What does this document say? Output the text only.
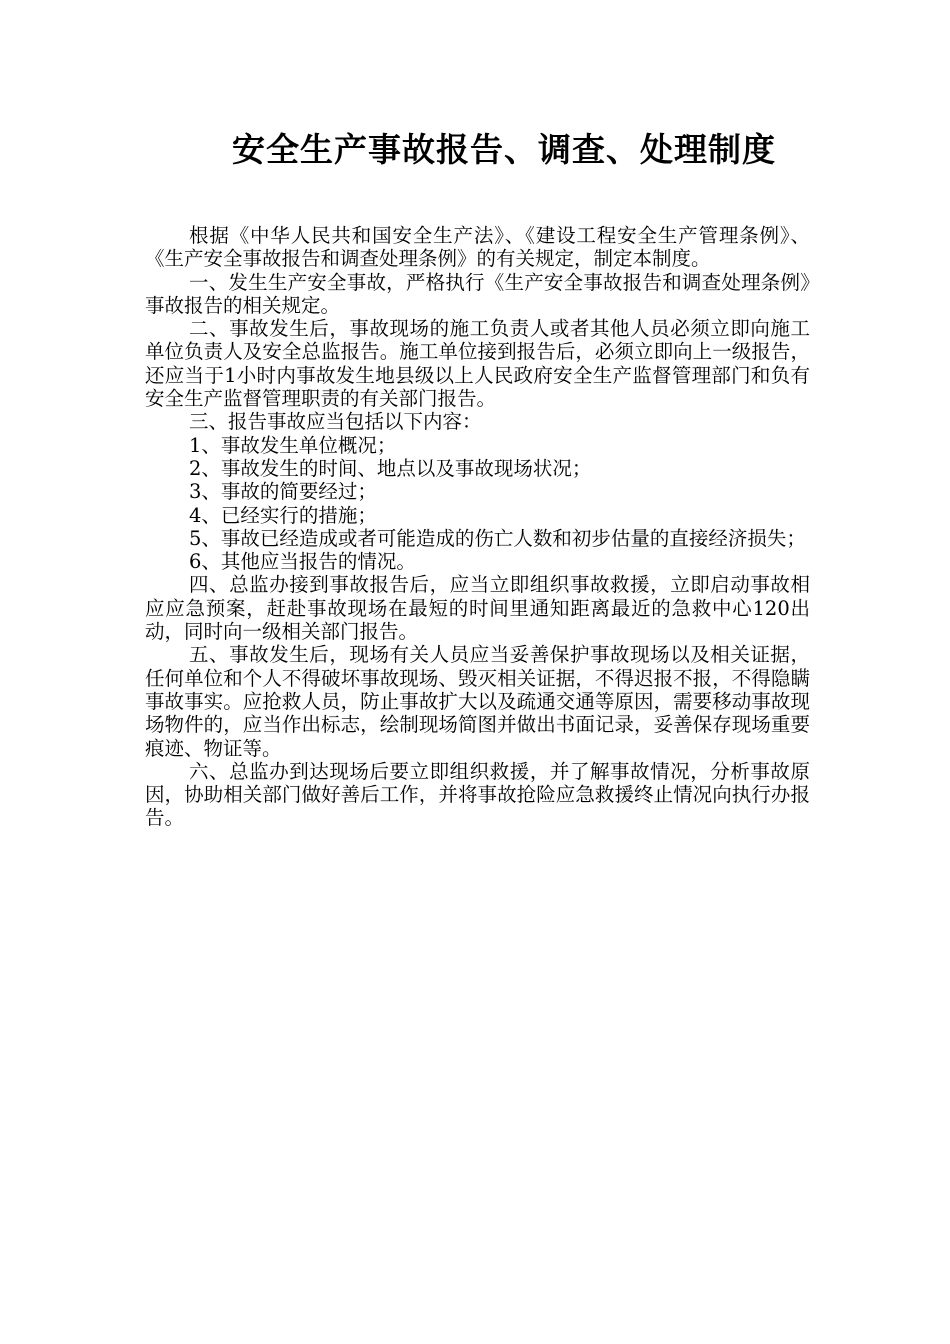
安全生产事故报告、调查、处理制度

根据《中华人民共和国安全生产法》、《建设工程安全生产管理条例》、《生产安全事故报告和调查处理条例》的有关规定，制定本制度。

一、发生生产安全事故，严格执行《生产安全事故报告和调查处理条例》事故报告的相关规定。

二、事故发生后，事故现场的施工负责人或者其他人员必须立即向施工单位负责人及安全总监报告。施工单位接到报告后，必须立即向上一级报告，还应当于1小时内事故发生地县级以上人民政府安全生产监督管理部门和负有安全生产监督管理职责的有关部门报告。

三、报告事故应当包括以下内容：

1、事故发生单位概况；

2、事故发生的时间、地点以及事故现场状况；

3、事故的简要经过；

4、已经实行的措施；

5、事故已经造成或者可能造成的伤亡人数和初步估量的直接经济损失；

6、其他应当报告的情况。

四、总监办接到事故报告后，应当立即组织事故救援，立即启动事故相应应急预案，赶赴事故现场在最短的时间里通知距离最近的急救中心120出动，同时向一级相关部门报告。

五、事故发生后，现场有关人员应当妥善保护事故现场以及相关证据，任何单位和个人不得破坏事故现场、毁灭相关证据，不得迟报不报，不得隐瞒事故事实。应抢救人员，防止事故扩大以及疏通交通等原因，需要移动事故现场物件的，应当作出标志，绘制现场简图并做出书面记录，妥善保存现场重要痕迹、物证等。

六、总监办到达现场后要立即组织救援，并了解事故情况，分析事故原因，协助相关部门做好善后工作，并将事故抢险应急救援终止情况向执行办报告。
